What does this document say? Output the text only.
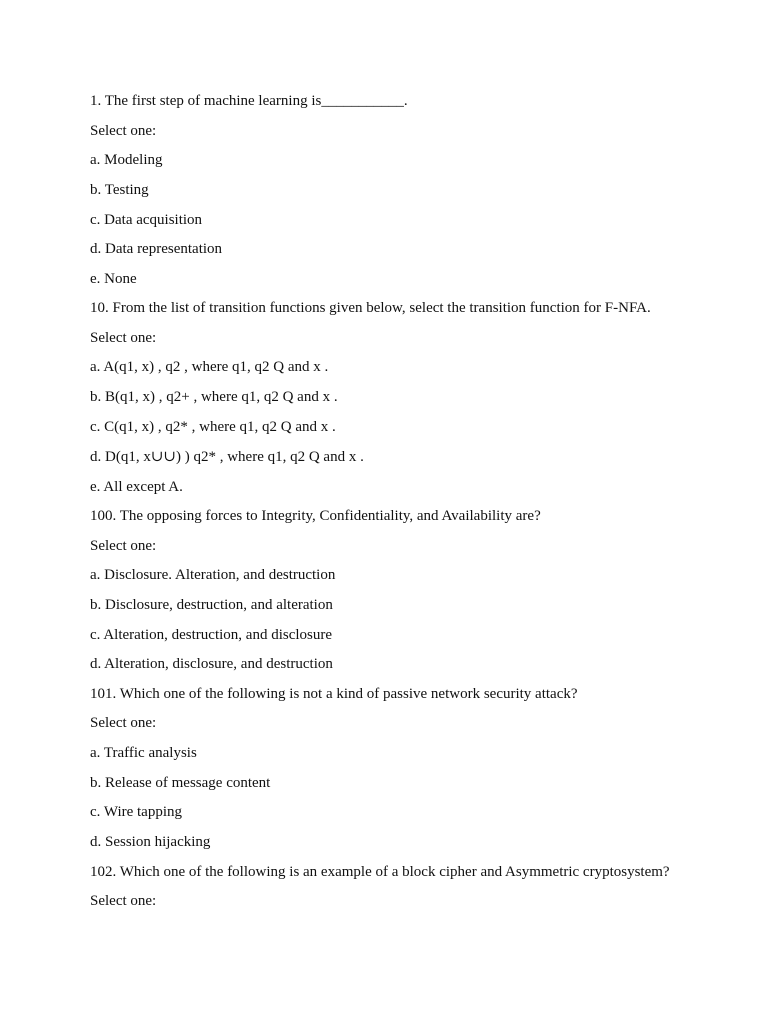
1. The first step of machine learning is___________.

Select one:

a. Modeling

b. Testing

c. Data acquisition

d. Data representation

e. None

10. From the list of transition functions given below, select the transition function for F-NFA.

Select one:

a. A(q1, x) , q2 , where q1, q2 Q and x .

b. B(q1, x) , q2+ , where q1, q2 Q and x .

c. C(q1, x) , q2* , where q1, q2 Q and x .

d. D(q1, x∪∪) ) q2* , where q1, q2 Q and x .

e. All except A.

100. The opposing forces to Integrity, Confidentiality, and Availability are?

Select one:

a. Disclosure. Alteration, and destruction

b. Disclosure, destruction, and alteration

c. Alteration, destruction, and disclosure

d. Alteration, disclosure, and destruction

101. Which one of the following is not a kind of passive network security attack?

Select one:

a. Traffic analysis

b. Release of message content

c. Wire tapping

d. Session hijacking

102. Which one of the following is an example of a block cipher and Asymmetric cryptosystem?

Select one:
